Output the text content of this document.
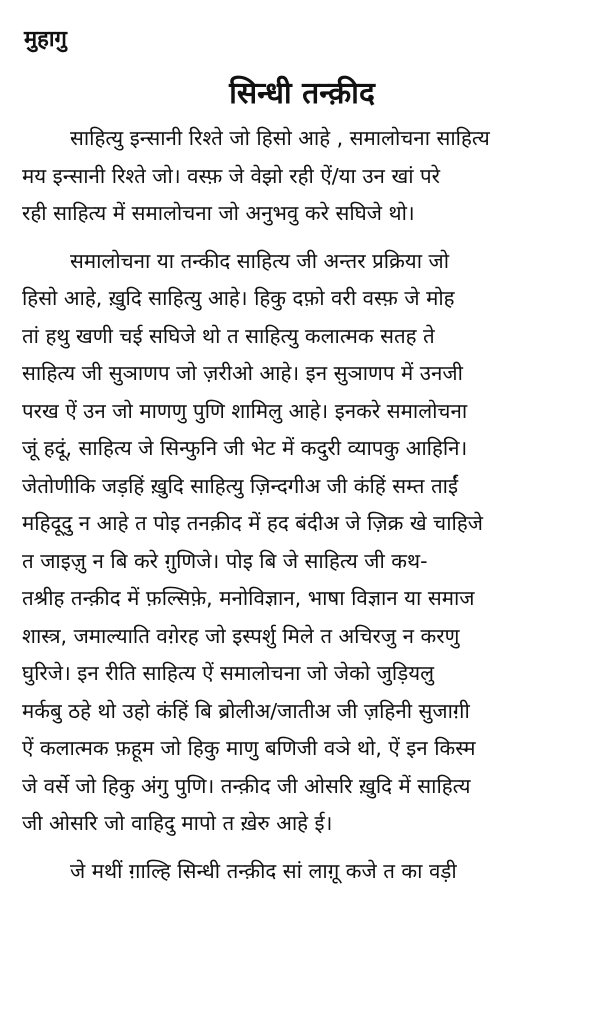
मुहागु
सिन्धी तन्क़ीद
साहित्यु इन्सानी रिश्ते जो हिसो आहे , समालोचना साहित्य
मय इन्सानी रिश्ते जो। वस्फ़ जे वेझो रही ऐं/या उन खां परे
रही साहित्य में समालोचना जो अनुभवु करे सघिजे थो।
समालोचना या तन्कीद साहित्य जी अन्तर प्रक्रिया जो
हिसो आहे, ख़ुदि साहित्यु आहे। हिकु दफ़ो वरी वस्फ़ जे मोह
तां हथु खणी चई सघिजे थो त साहित्यु कलात्मक सतह ते
साहित्य जी सुञाणप जो ज़रीओ आहे। इन सुञाणप में उनजी
परख ऐं उन जो माणणु पुणि शामिलु आहे। इनकरे समालोचना
जूं हदूं, साहित्य जे सिन्फुनि जी भेट में कदुरी व्यापकु आहिनि।
जेतोणीकि जड़हिं ख़ुदि साहित्यु ज़िन्दगीअ जी कंहिं सम्त ताईं
महिदूदु न आहे त पोइ तनक़ीद में हद बंदीअ जे ज़िक्र खे चाहिजे
त जाइज़ु न बि करे ग़ुणिजे। पोइ बि जे साहित्य जी कथ-
तश्रीह तन्क़ीद में फ़ल्सिफ़े, मनोविज्ञान, भाषा विज्ञान या समाज
शास्त्र, जमाल्याति वग़ेरह जो इस्पर्शु मिले त अचिरजु न करणु
घुरिजे। इन रीति साहित्य ऐं समालोचना जो जेको जुड़ियलु
मर्कबु ठहे थो उहो कंहिं बि ब्रोलीअ/जातीअ जी ज़हिनी सुजाग़ी
ऐं कलात्मक फ़हूम जो हिकु माणु बणिजी वञे थो, ऐं इन किस्म
जे वर्से जो हिकु अंगु पुणि। तन्क़ीद जी ओसरि ख़ुदि में साहित्य
जी ओसरि जो वाहिदु मापो त ख़ेरु आहे ई।
जे मथीं ग़ाल्हि सिन्धी तन्क़ीद सां लाग़ू कजे त का वड़ी
